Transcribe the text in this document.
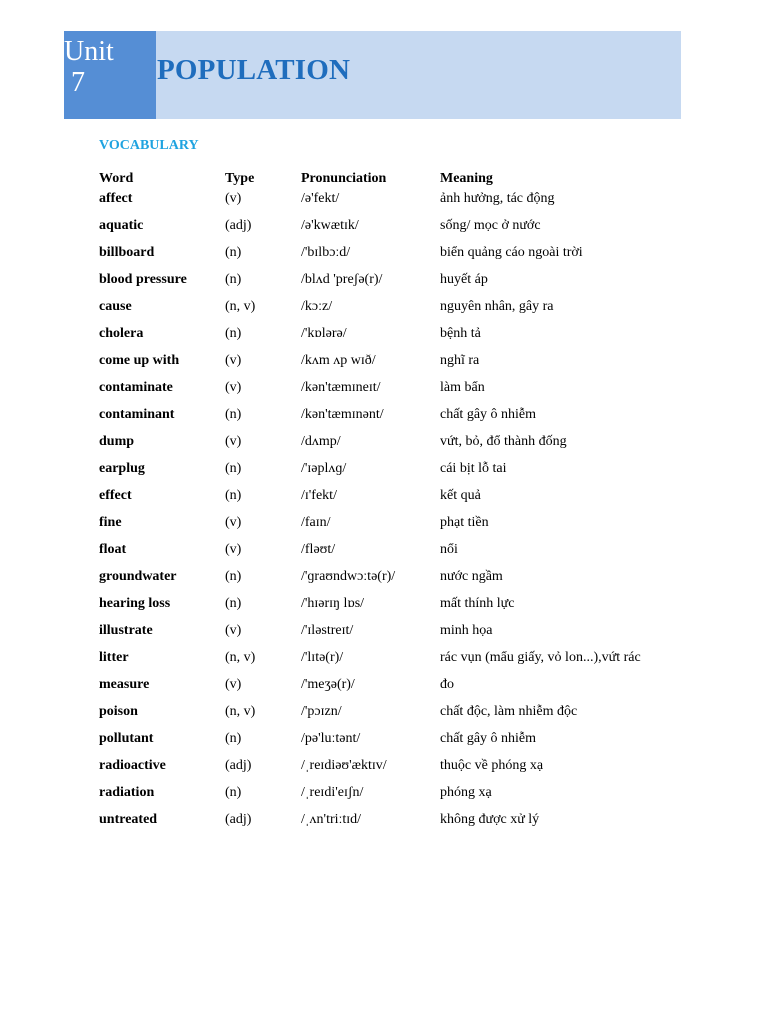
Unit
7	POPULATION
VOCABULARY
Word	Type	Pronunciation	Meaning
affect	(v)	/ə'fekt/	ảnh hưởng, tác động
aquatic	(adj)	/ə'kwætɪk/	sống/ mọc ở nước
billboard	(n)	/'bɪlbɔːd/	biển quảng cáo ngoài trời
blood pressure	(n)	/blʌd 'preʃə(r)/	huyết áp
cause	(n, v)	/kɔːz/	nguyên nhân, gây ra
cholera	(n)	/'kɒlərə/	bệnh tả
come up with	(v)	/kʌm ʌp wɪð/	nghĩ ra
contaminate	(v)	/kən'tæmɪneɪt/	làm bẩn
contaminant	(n)	/kən'tæmɪnənt/	chất gây ô nhiễm
dump	(v)	/dʌmp/	vứt, bỏ, đổ thành đống
earplug	(n)	/'ɪəplʌɡ/	cái bịt lỗ tai
effect	(n)	/ɪ'fekt/	kết quả
fine	(v)	/faɪn/	phạt tiền
float	(v)	/fləʊt/	nổi
groundwater	(n)	/'ɡraʊndwɔːtə(r)/	nước ngầm
hearing loss	(n)	/'hɪərɪŋ lɒs/	mất thính lực
illustrate	(v)	/'ɪləstreɪt/	minh họa
litter	(n, v)	/'lɪtə(r)/	rác vụn (mẩu giấy, vỏ lon...),vứt rác
measure	(v)	/'meʒə(r)/	đo
poison	(n, v)	/'pɔɪzn/	chất độc, làm nhiễm độc
pollutant	(n)	/pə'luːtənt/	chất gây ô nhiễm
radioactive	(adj)	/ˌreɪdiəʊ'æktɪv/	thuộc về phóng xạ
radiation	(n)	/ˌreɪdi'eɪʃn/	phóng xạ
untreated	(adj)	/ˌʌn'triːtɪd/	không được xử lý
